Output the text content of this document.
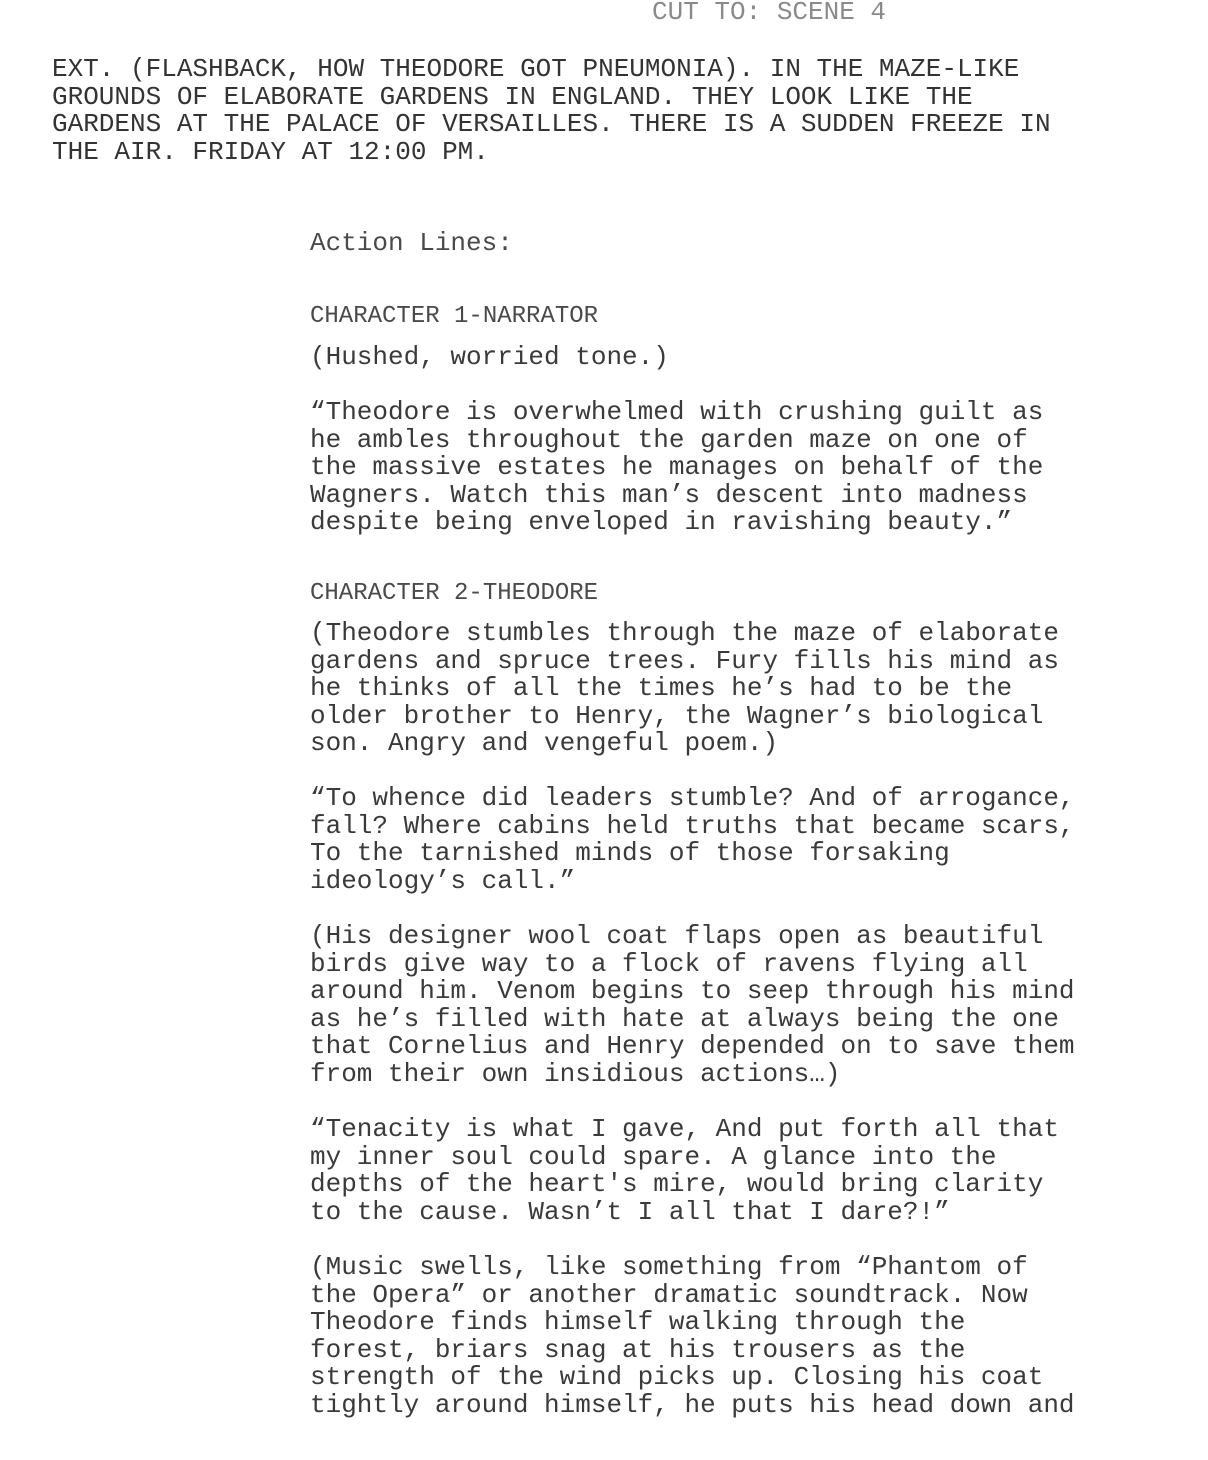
CUT TO: SCENE 4

EXT. (FLASHBACK, HOW THEODORE GOT PNEUMONIA). IN THE MAZE-LIKE

GROUNDS OF ELABORATE GARDENS IN ENGLAND. THEY LOOK LIKE THE

GARDENS AT THE PALACE OF VERSAILLES. THERE IS A SUDDEN FREEZE IN

THE AIR. FRIDAY AT 12:00 PM.

Action Lines:
CHARACTER 1-NARRATOR

(Hushed, worried tone.)

“Theodore is overwhelmed with crushing guilt as

he ambles throughout the garden maze on one of

the massive estates he manages on behalf of the

Wagners. Watch this man’s descent into madness

despite being enveloped in ravishing beauty.”

CHARACTER 2-THEODORE

(Theodore stumbles through the maze of elaborate

gardens and spruce trees. Fury fills his mind as

he thinks of all the times he’s had to be the

older brother to Henry, the Wagner’s biological

son. Angry and vengeful poem.)

“To whence did leaders stumble? And of arrogance,

fall? Where cabins held truths that became scars,

To the tarnished minds of those forsaking

ideology’s call.”

(His designer wool coat flaps open as beautiful

birds give way to a flock of ravens flying all

around him. Venom begins to seep through his mind

as he’s filled with hate at always being the one

that Cornelius and Henry depended on to save them

from their own insidious actions…)

“Tenacity is what I gave, And put forth all that

my inner soul could spare. A glance into the

depths of the heart's mire, would bring clarity

to the cause. Wasn’t I all that I dare?!”

(Music swells, like something from “Phantom of

the Opera” or another dramatic soundtrack. Now

Theodore finds himself walking through the

forest, briars snag at his trousers as the

strength of the wind picks up. Closing his coat

tightly around himself, he puts his head down and
